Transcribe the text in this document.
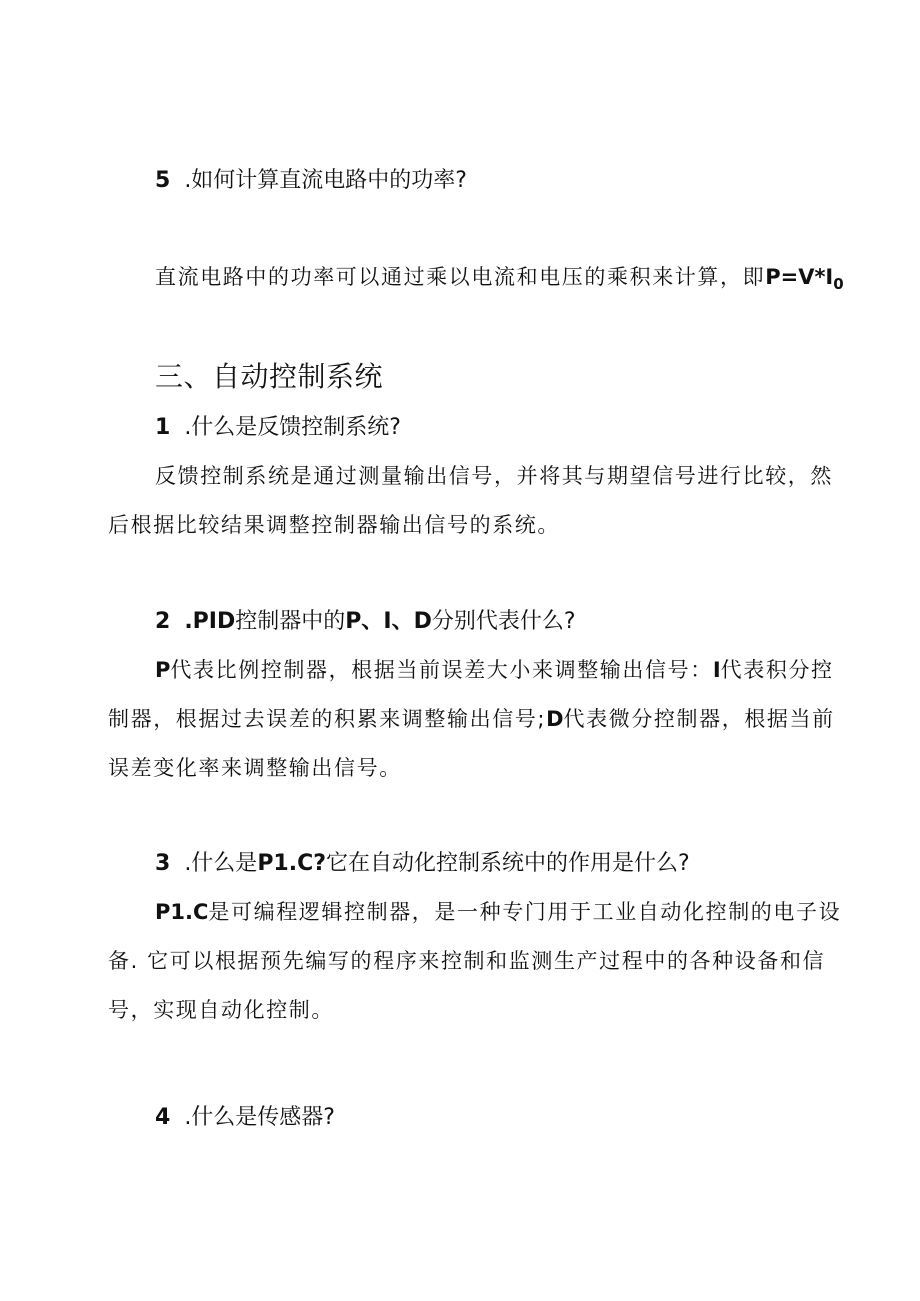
5 .如何计算直流电路中的功率?
直流电路中的功率可以通过乘以电流和电压的乘积来计算，即$P=V*I_0$
三、自动控制系统
1 .什么是反馈控制系统?
反馈控制系统是通过测量输出信号，并将其与期望信号进行比较，然
后根据比较结果调整控制器输出信号的系统。
2 .PID控制器中的P、I、D分别代表什么?
P代表比例控制器，根据当前误差大小来调整输出信号：I代表积分控
制器，根据过去误差的积累来调整输出信号;D代表微分控制器，根据当前
误差变化率来调整输出信号。
3 .什么是P1.C?它在自动化控制系统中的作用是什么?
P1.C是可编程逻辑控制器，是一种专门用于工业自动化控制的电子设
备. 它可以根据预先编写的程序来控制和监测生产过程中的各种设备和信
号，实现自动化控制。
4 .什么是传感器?
